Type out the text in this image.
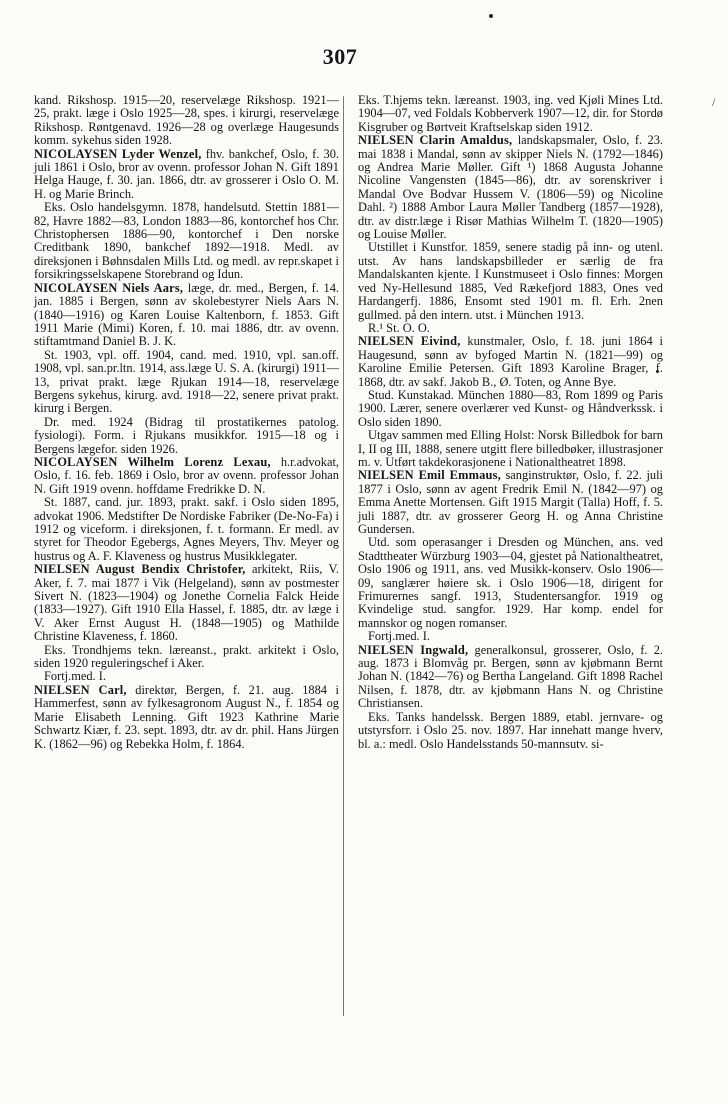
/
307

kand. Rikshosp. 1915—20, reservelæge Rikshosp. 1921—25, prakt. læge i Oslo 1925—28, spes. i kirurgi, reservelæge Rikshosp. Røntgenavd. 1926—28 og overlæge Haugesunds komm. sykehus siden 1928.

NICOLAYSEN Lyder Wenzel, fhv. bankchef, Oslo, f. 30. juli 1861 i Oslo, bror av ovenn. professor Johan N. Gift 1891 Helga Hauge, f. 30. jan. 1866, dtr. av grosserer i Oslo O. M. H. og Marie Brinch.

Eks. Oslo handelsgymn. 1878, handelsutd. Stettin 1881—82, Havre 1882—83, London 1883—86, kontorchef hos Chr. Christophersen 1886—90, kontorchef i Den norske Creditbank 1890, bankchef 1892—1918. Medl. av direksjonen i Bøhnsdalen Mills Ltd. og medl. av repr.skapet i forsikringsselskapene Storebrand og Idun.

NICOLAYSEN Niels Aars, læge, dr. med., Bergen, f. 14. jan. 1885 i Bergen, sønn av skolebestyrer Niels Aars N. (1840—1916) og Karen Louise Kaltenborn, f. 1853. Gift 1911 Marie (Mimi) Koren, f. 10. mai 1886, dtr. av ovenn. stiftamtmand Daniel B. J. K.

St. 1903, vpl. off. 1904, cand. med. 1910, vpl. san.off. 1908, vpl. san.pr.ltn. 1914, ass.læge U. S. A. (kirurgi) 1911—13, privat prakt. læge Rjukan 1914—18, reservelæge Bergens sykehus, kirurg. avd. 1918—22, senere privat prakt. kirurg i Bergen.

Dr. med. 1924 (Bidrag til prostatikernes patolog. fysiologi). Form. i Rjukans musikkfor. 1915—18 og i Bergens lægefor. siden 1926.

NICOLAYSEN Wilhelm Lorenz Lexau, h.r.advokat, Oslo, f. 16. feb. 1869 i Oslo, bror av ovenn. professor Johan N. Gift 1919 ovenn. hoffdame Fredrikke D. N.

St. 1887, cand. jur. 1893, prakt. sakf. i Oslo siden 1895, advokat 1906. Medstifter De Nordiske Fabriker (De-No-Fa) i 1912 og viceform. i direksjonen, f. t. formann. Er medl. av styret for Theodor Egebergs, Agnes Meyers, Thv. Meyer og hustrus og A. F. Klaveness og hustrus Musikklegater.

NIELSEN August Bendix Christofer, arkitekt, Riis, V. Aker, f. 7. mai 1877 i Vik (Helgeland), sønn av postmester Sivert N. (1823—1904) og Jonethe Cornelia Falck Heide (1833—1927). Gift 1910 Ella Hassel, f. 1885, dtr. av læge i V. Aker Ernst August H. (1848—1905) og Mathilde Christine Klaveness, f. 1860.

Eks. Trondhjems tekn. læreanst., prakt. arkitekt i Oslo, siden 1920 reguleringschef i Aker.

Fortj.med. I.

NIELSEN Carl, direktør, Bergen, f. 21. aug. 1884 i Hammerfest, sønn av fylkesagronom August N., f. 1854 og Marie Elisabeth Lenning. Gift 1923 Kathrine Marie Schwartz Kiær, f. 23. sept. 1893, dtr. av dr. phil. Hans Jürgen K. (1862—96) og Rebekka Holm, f. 1864.

Eks. T.hjems tekn. læreanst. 1903, ing. ved Kjøli Mines Ltd. 1904—07, ved Foldals Kobberverk 1907—12, dir. for Stordø Kisgruber og Børtveit Kraftselskap siden 1912.

NIELSEN Clarin Amaldus, landskapsmaler, Oslo, f. 23. mai 1838 i Mandal, sønn av skipper Niels N. (1792—1846) og Andrea Marie Møller. Gift ¹) 1868 Augusta Johanne Nicoline Vangensten (1845—86), dtr. av sorenskriver i Mandal Ove Bodvar Hussem V. (1806—59) og Nicoline Dahl. ²) 1888 Ambor Laura Møller Tandberg (1857—1928), dtr. av distr.læge i Risør Mathias Wilhelm T. (1820—1905) og Louise Møller.

Utstillet i Kunstfor. 1859, senere stadig på inn- og utenl. utst. Av hans landskapsbilleder er særlig de fra Mandalskanten kjente. I Kunstmuseet i Oslo finnes: Morgen ved Ny-Hellesund 1885, Ved Rækefjord 1883, Ones ved Hardangerfj. 1886, Ensomt sted 1901 m. fl. Erh. 2nen gullmed. på den intern. utst. i München 1913.

R.¹ St. O. O.

NIELSEN Eivind, kunstmaler, Oslo, f. 18. juni 1864 i Haugesund, sønn av byfoged Martin N. (1821—99) og Karoline Emilie Petersen. Gift 1893 Karoline Brager, f. 1868, dtr. av sakf. Jakob B., Ø. Toten, og Anne Bye.

Stud. Kunstakad. München 1880—83, Rom 1899 og Paris 1900. Lærer, senere overlærer ved Kunst- og Håndverkssk. i Oslo siden 1890.

Utgav sammen med Elling Holst: Norsk Billedbok for barn I, II og III, 1888, senere utgitt flere billedbøker, illustrasjoner m. v. Utført takdekorasjonene i Nationaltheatret 1898.

NIELSEN Emil Emmaus, sanginstruktør, Oslo, f. 22. juli 1877 i Oslo, sønn av agent Fredrik Emil N. (1842—97) og Emma Anette Mortensen. Gift 1915 Margit (Talla) Hoff, f. 5. juli 1887, dtr. av grosserer Georg H. og Anna Christine Gundersen.

Utd. som operasanger i Dresden og München, ans. ved Stadttheater Würzburg 1903—04, gjestet på Nationaltheatret, Oslo 1906 og 1911, ans. ved Musikk-konserv. Oslo 1906—09, sanglærer høiere sk. i Oslo 1906—18, dirigent for Frimurernes sangf. 1913, Studentersangfor. 1919 og Kvindelige stud. sangfor. 1929. Har komp. endel for mannskor og nogen romanser.

Fortj.med. I.

NIELSEN Ingwald, generalkonsul, grosserer, Oslo, f. 2. aug. 1873 i Blomvåg pr. Bergen, sønn av kjøbmann Bernt Johan N. (1842—76) og Bertha Langeland. Gift 1898 Rachel Nilsen, f. 1878, dtr. av kjøbmann Hans N. og Christine Christiansen.

Eks. Tanks handelssk. Bergen 1889, etabl. jernvare- og utstyrsforr. i Oslo 25. nov. 1897. Har innehatt mange hverv, bl. a.: medl. Oslo Handelsstands 50-mannsutv. si-
